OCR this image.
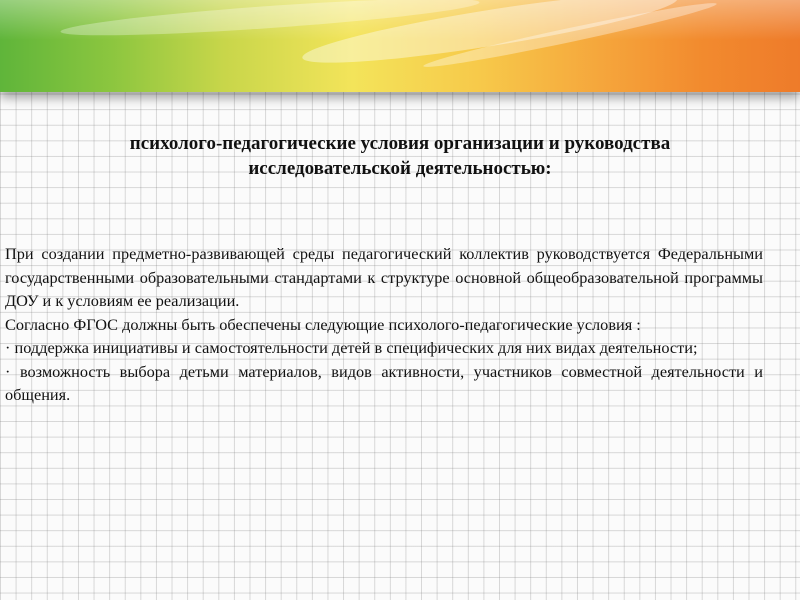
психолого-педагогические условия организации и руководства
исследовательской деятельностью:

При создании предметно-развивающей среды педагогический коллектив руководствуется Федеральными государственными образовательными стандартами к структуре основной общеобразовательной программы ДОУ и к условиям ее реализации.

Согласно ФГОС должны быть обеспечены следующие психолого-педагогические условия :

· поддержка инициативы и самостоятельности детей в специфических для них видах деятельности;

· возможность выбора детьми материалов, видов активности, участников совместной деятельности и общения.
